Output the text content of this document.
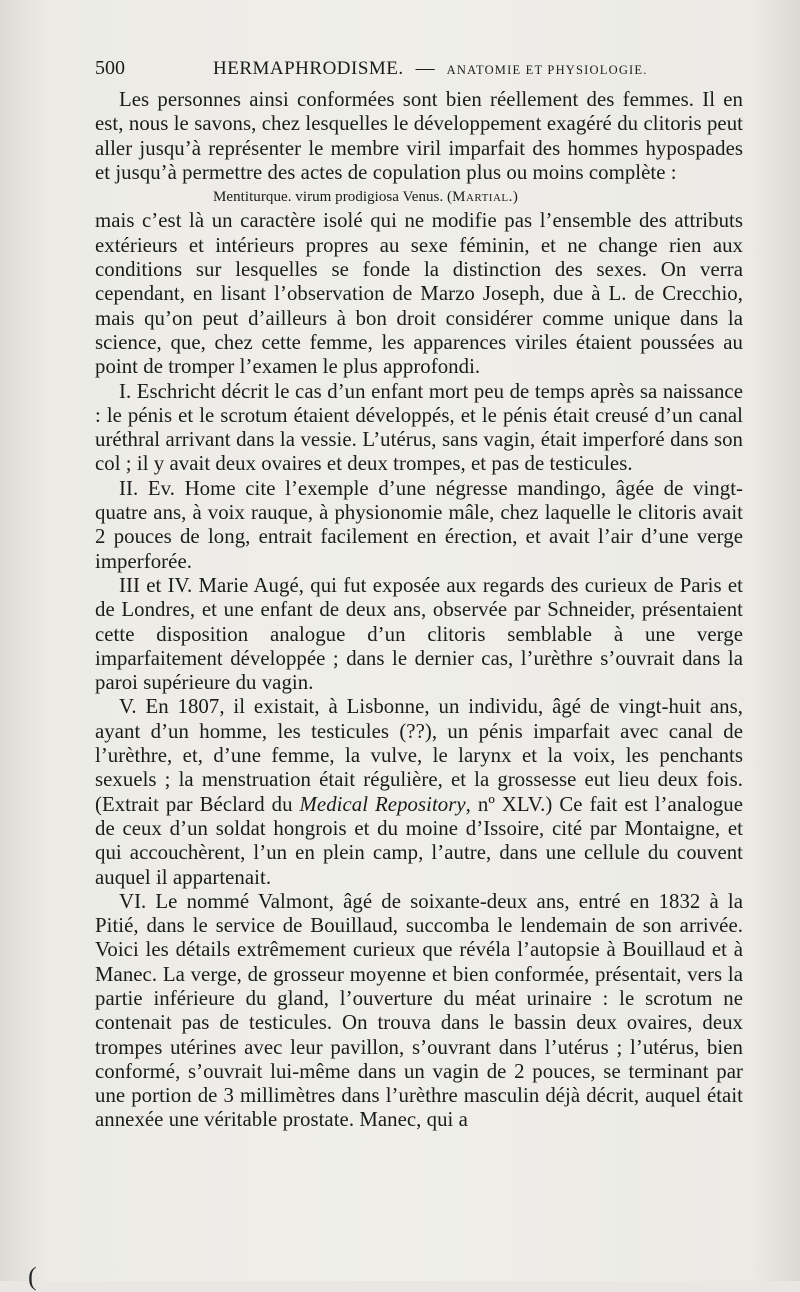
500	HERMAPHRODISME. — ANATOMIE ET PHYSIOLOGIE.

Les personnes ainsi conformées sont bien réellement des femmes. Il en est, nous le savons, chez lesquelles le développement exagéré du clitoris peut aller jusqu’à représenter le membre viril imparfait des hommes hypospades et jusqu’à permettre des actes de copulation plus ou moins complète :

Mentiturque. virum prodigiosa Venus. (Martial.)

mais c’est là un caractère isolé qui ne modifie pas l’ensemble des attributs extérieurs et intérieurs propres au sexe féminin, et ne change rien aux conditions sur lesquelles se fonde la distinction des sexes. On verra cependant, en lisant l’observation de Marzo Joseph, due à L. de Crecchio, mais qu’on peut d’ailleurs à bon droit considérer comme unique dans la science, que, chez cette femme, les apparences viriles étaient poussées au point de tromper l’examen le plus approfondi.

I. Eschricht décrit le cas d’un enfant mort peu de temps après sa naissance : le pénis et le scrotum étaient développés, et le pénis était creusé d’un canal uréthral arrivant dans la vessie. L’utérus, sans vagin, était imperforé dans son col ; il y avait deux ovaires et deux trompes, et pas de testicules.

II. Ev. Home cite l’exemple d’une négresse mandingo, âgée de vingt-quatre ans, à voix rauque, à physionomie mâle, chez laquelle le clitoris avait 2 pouces de long, entrait facilement en érection, et avait l’air d’une verge imperforée.

III et IV. Marie Augé, qui fut exposée aux regards des curieux de Paris et de Londres, et une enfant de deux ans, observée par Schneider, présentaient cette disposition analogue d’un clitoris semblable à une verge imparfaitement développée ; dans le dernier cas, l’urèthre s’ouvrait dans la paroi supérieure du vagin.

V. En 1807, il existait, à Lisbonne, un individu, âgé de vingt-huit ans, ayant d’un homme, les testicules (??), un pénis imparfait avec canal de l’urèthre, et, d’une femme, la vulve, le larynx et la voix, les penchants sexuels ; la menstruation était régulière, et la grossesse eut lieu deux fois. (Extrait par Béclard du Medical Repository, nº XLV.) Ce fait est l’analogue de ceux d’un soldat hongrois et du moine d’Issoire, cité par Montaigne, et qui accouchèrent, l’un en plein camp, l’autre, dans une cellule du couvent auquel il appartenait.

VI. Le nommé Valmont, âgé de soixante-deux ans, entré en 1832 à la Pitié, dans le service de Bouillaud, succomba le lendemain de son arrivée. Voici les détails extrêmement curieux que révéla l’autopsie à Bouillaud et à Manec. La verge, de grosseur moyenne et bien conformée, présentait, vers la partie inférieure du gland, l’ouverture du méat urinaire : le scrotum ne contenait pas de testicules. On trouva dans le bassin deux ovaires, deux trompes utérines avec leur pavillon, s’ouvrant dans l’utérus ; l’utérus, bien conformé, s’ouvrait lui-même dans un vagin de 2 pouces, se terminant par une portion de 3 millimètres dans l’urèthre masculin déjà décrit, auquel était annexée une véritable prostate. Manec, qui a

(
